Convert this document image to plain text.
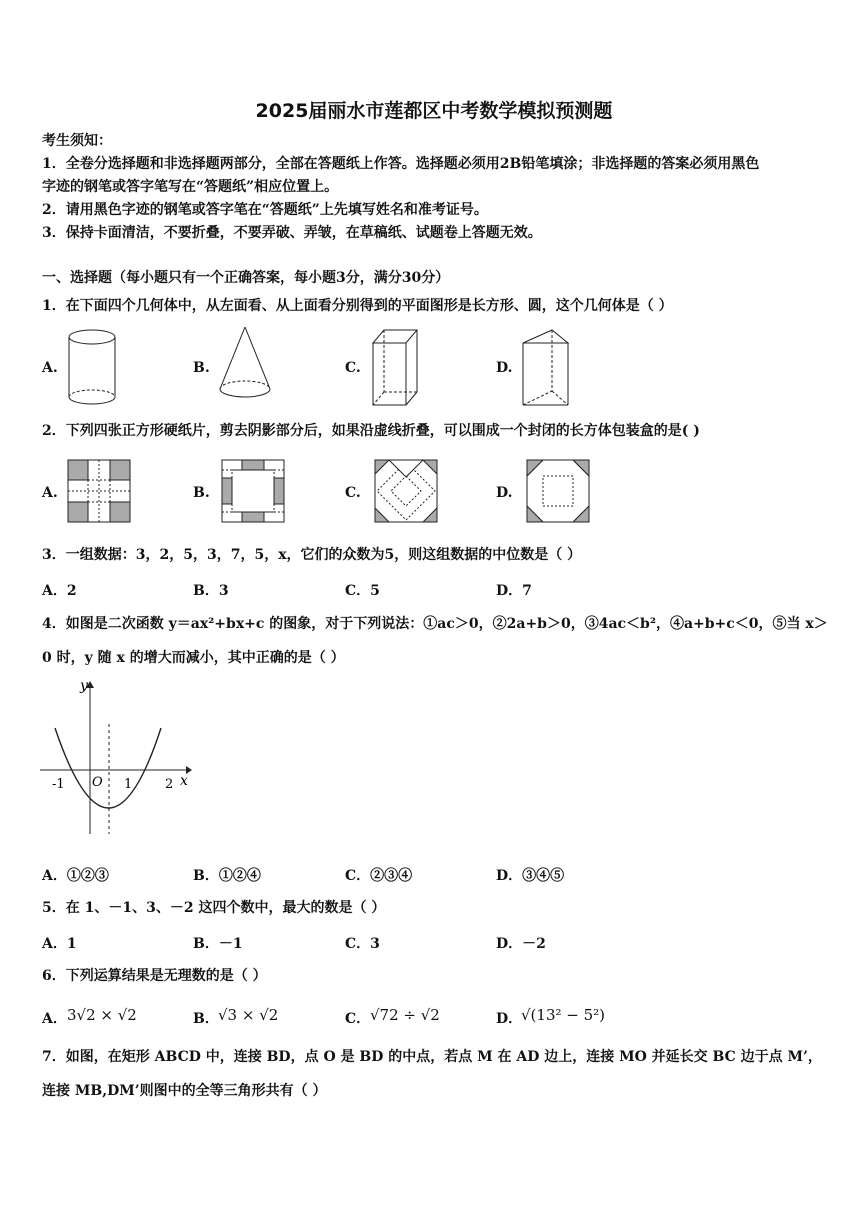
2025届丽水市莲都区中考数学模拟预测题
考生须知：
1．全卷分选择题和非选择题两部分，全部在答题纸上作答。选择题必须用2B铅笔填涂；非选择题的答案必须用黑色
字迹的钢笔或答字笔写在“答题纸”相应位置上。
2．请用黑色字迹的钢笔或答字笔在“答题纸”上先填写姓名和准考证号。
3．保持卡面清洁，不要折叠，不要弄破、弄皱，在草稿纸、试题卷上答题无效。
一、选择题（每小题只有一个正确答案，每小题3分，满分30分）
1．在下面四个几何体中，从左面看、从上面看分别得到的平面图形是长方形、圆，这个几何体是（ ）
A.	B.	C.	D.
2．下列四张正方形硬纸片，剪去阴影部分后，如果沿虚线折叠，可以围成一个封闭的长方体包装盒的是( )
A.	B.	C.	D.
3．一组数据：3，2，5，3，7，5，x，它们的众数为5，则这组数据的中位数是（ ）
A．2	B．3	C．5	D．7
4．如图是二次函数 y＝ax²+bx+c 的图象，对于下列说法：①ac＞0，②2a+b＞0，③4ac＜b²，④a+b+c＜0，⑤当 x＞
0 时，y 随 x 的增大而减小，其中正确的是（ ）
y
x
O
-1	1	2
A．①②③	B．①②④	C．②③④	D．③④⑤
5．在 1、－1、3、－2 这四个数中，最大的数是（ ）
A．1	B．－1	C．3	D．－2
6．下列运算结果是无理数的是（ ）
A． 3√2 × √2	B． √3 × √2	C． √72 ÷ √2	D．
√(13² − 5²)
7．如图，在矩形 ABCD 中，连接 BD，点 O 是 BD 的中点，若点 M 在 AD 边上，连接 MO 并延长交 BC 边于点 M’，
连接 MB,DM’则图中的全等三角形共有（ ）
